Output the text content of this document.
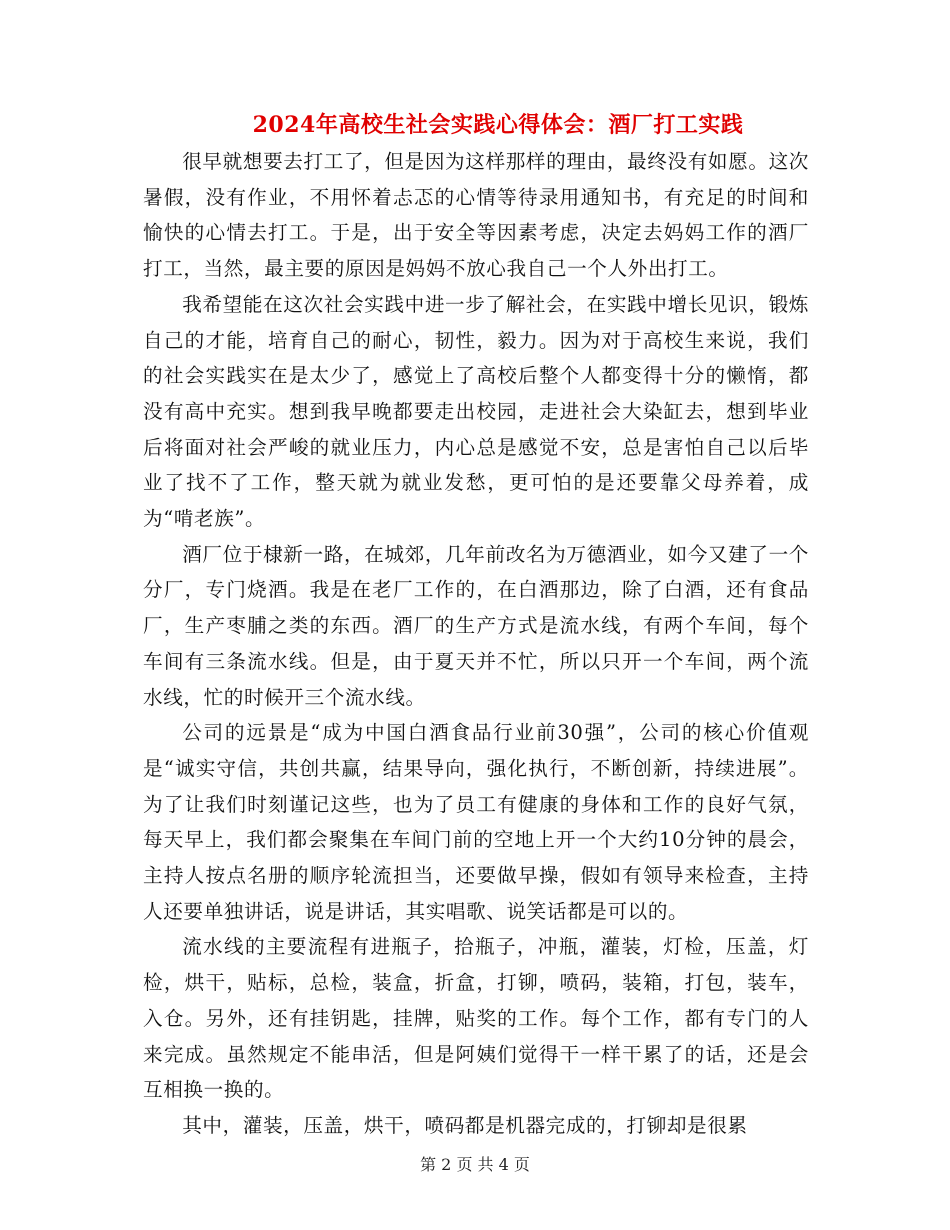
2024年高校生社会实践心得体会：酒厂打工实践

很早就想要去打工了，但是因为这样那样的理由，最终没有如愿。这次暑假，没有作业，不用怀着忐忑的心情等待录用通知书，有充足的时间和愉快的心情去打工。于是，出于安全等因素考虑，决定去妈妈工作的酒厂打工，当然，最主要的原因是妈妈不放心我自己一个人外出打工。

我希望能在这次社会实践中进一步了解社会，在实践中增长见识，锻炼自己的才能，培育自己的耐心，韧性，毅力。因为对于高校生来说，我们的社会实践实在是太少了，感觉上了高校后整个人都变得十分的懒惰，都没有高中充实。想到我早晚都要走出校园，走进社会大染缸去，想到毕业后将面对社会严峻的就业压力，内心总是感觉不安，总是害怕自己以后毕业了找不了工作，整天就为就业发愁，更可怕的是还要靠父母养着，成为“啃老族”。

酒厂位于棣新一路，在城郊，几年前改名为万德酒业，如今又建了一个分厂，专门烧酒。我是在老厂工作的，在白酒那边，除了白酒，还有食品厂，生产枣脯之类的东西。酒厂的生产方式是流水线，有两个车间，每个车间有三条流水线。但是，由于夏天并不忙，所以只开一个车间，两个流水线，忙的时候开三个流水线。

公司的远景是“成为中国白酒食品行业前30强”，公司的核心价值观是“诚实守信，共创共赢，结果导向，强化执行，不断创新，持续进展”。为了让我们时刻谨记这些，也为了员工有健康的身体和工作的良好气氛，每天早上，我们都会聚集在车间门前的空地上开一个大约10分钟的晨会，主持人按点名册的顺序轮流担当，还要做早操，假如有领导来检查，主持人还要单独讲话，说是讲话，其实唱歌、说笑话都是可以的。

流水线的主要流程有进瓶子，拾瓶子，冲瓶，灌装，灯检，压盖，灯检，烘干，贴标，总检，装盒，折盒，打铆，喷码，装箱，打包，装车，入仓。另外，还有挂钥匙，挂牌，贴奖的工作。每个工作，都有专门的人来完成。虽然规定不能串活，但是阿姨们觉得干一样干累了的话，还是会互相换一换的。

其中，灌装，压盖，烘干，喷码都是机器完成的，打铆却是很累

第 2 页 共 4 页
